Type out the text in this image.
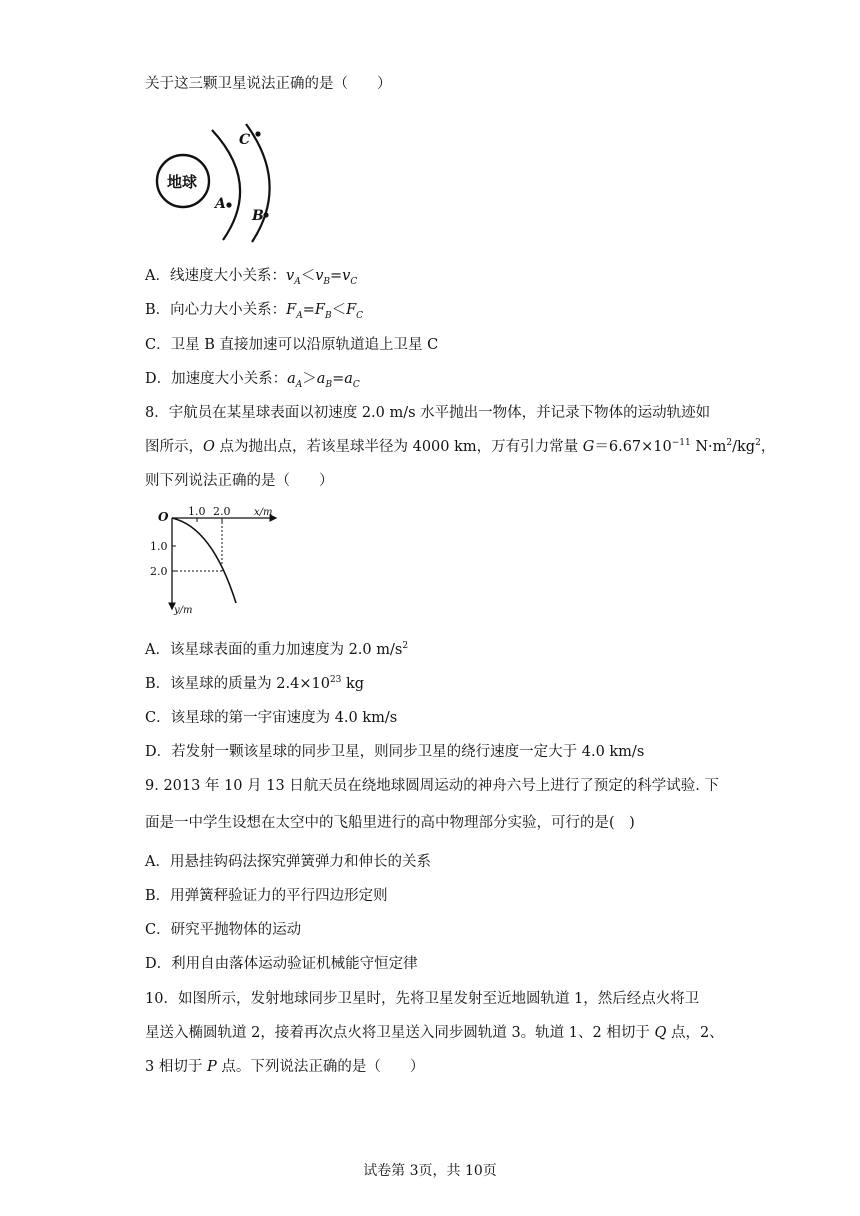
关于这三颗卫星说法正确的是（　　）
地球
A
B
C
A．线速度大小关系：$v_A<v_B=v_C$
B．向心力大小关系：$F_A=F_B<F_C$
C．卫星 B 直接加速可以沿原轨道追上卫星 C
D．加速度大小关系：$a_A>a_B=a_C$
8．宇航员在某星球表面以初速度 2.0 m/s 水平抛出一物体，并记录下物体的运动轨迹如
图所示，O 点为抛出点，若该星球半径为 4000 km，万有引力常量 $G=6.67\times 10^{-11}$ $N\cdot m^2/kg^2$，
则下列说法正确的是（　　）
O 1.0 2.0 x/m
1.0
2.0
y/m
A．该星球表面的重力加速度为 2.0 $m/s^2$
B．该星球的质量为 $2.4\times 10^{23}$ kg
C．该星球的第一宇宙速度为 4.0 km/s
D．若发射一颗该星球的同步卫星，则同步卫星的绕行速度一定大于 4.0 km/s
9. 2013 年 10 月 13 日航天员在绕地球圆周运动的神舟六号上进行了预定的科学试验. 下
面是一中学生设想在太空中的飞船里进行的高中物理部分实验，可行的是(　)
A．用悬挂钩码法探究弹簧弹力和伸长的关系
B．用弹簧秤验证力的平行四边形定则
C．研究平抛物体的运动
D．利用自由落体运动验证机械能守恒定律
10．如图所示，发射地球同步卫星时，先将卫星发射至近地圆轨道 1，然后经点火将卫
星送入椭圆轨道 2，接着再次点火将卫星送入同步圆轨道 3。轨道 1、2 相切于 Q 点，2、
3 相切于 P 点。下列说法正确的是（　　）
试卷第 3页，共 10页
